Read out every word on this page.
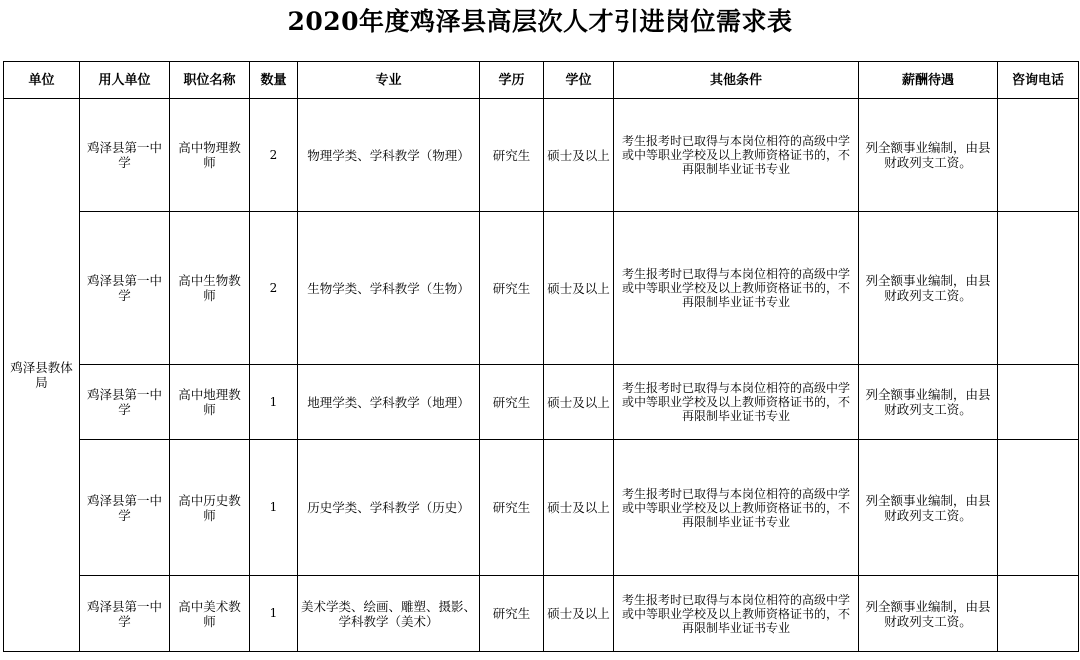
2020年度鸡泽县高层次人才引进岗位需求表
单位	用人单位	职位名称	数量	专业	学历	学位	其他条件	薪酬待遇	咨询电话
鸡泽县教体局	鸡泽县第一中学	高中物理教师	2	物理学类、学科教学（物理）	研究生	硕士及以上	考生报考时已取得与本岗位相符的高级中学或中等职业学校及以上教师资格证书的，不再限制毕业证书专业	列全额事业编制，由县财政列支工资。	
	鸡泽县第一中学	高中生物教师	2	生物学类、学科教学（生物）	研究生	硕士及以上	考生报考时已取得与本岗位相符的高级中学或中等职业学校及以上教师资格证书的，不再限制毕业证书专业	列全额事业编制，由县财政列支工资。	
	鸡泽县第一中学	高中地理教师	1	地理学类、学科教学（地理）	研究生	硕士及以上	考生报考时已取得与本岗位相符的高级中学或中等职业学校及以上教师资格证书的，不再限制毕业证书专业	列全额事业编制，由县财政列支工资。	
	鸡泽县第一中学	高中历史教师	1	历史学类、学科教学（历史）	研究生	硕士及以上	考生报考时已取得与本岗位相符的高级中学或中等职业学校及以上教师资格证书的，不再限制毕业证书专业	列全额事业编制，由县财政列支工资。	
	鸡泽县第一中学	高中美术教师	1	美术学类、绘画、雕塑、摄影、学科教学（美术）	研究生	硕士及以上	考生报考时已取得与本岗位相符的高级中学或中等职业学校及以上教师资格证书的，不再限制毕业证书专业	列全额事业编制，由县财政列支工资。	
